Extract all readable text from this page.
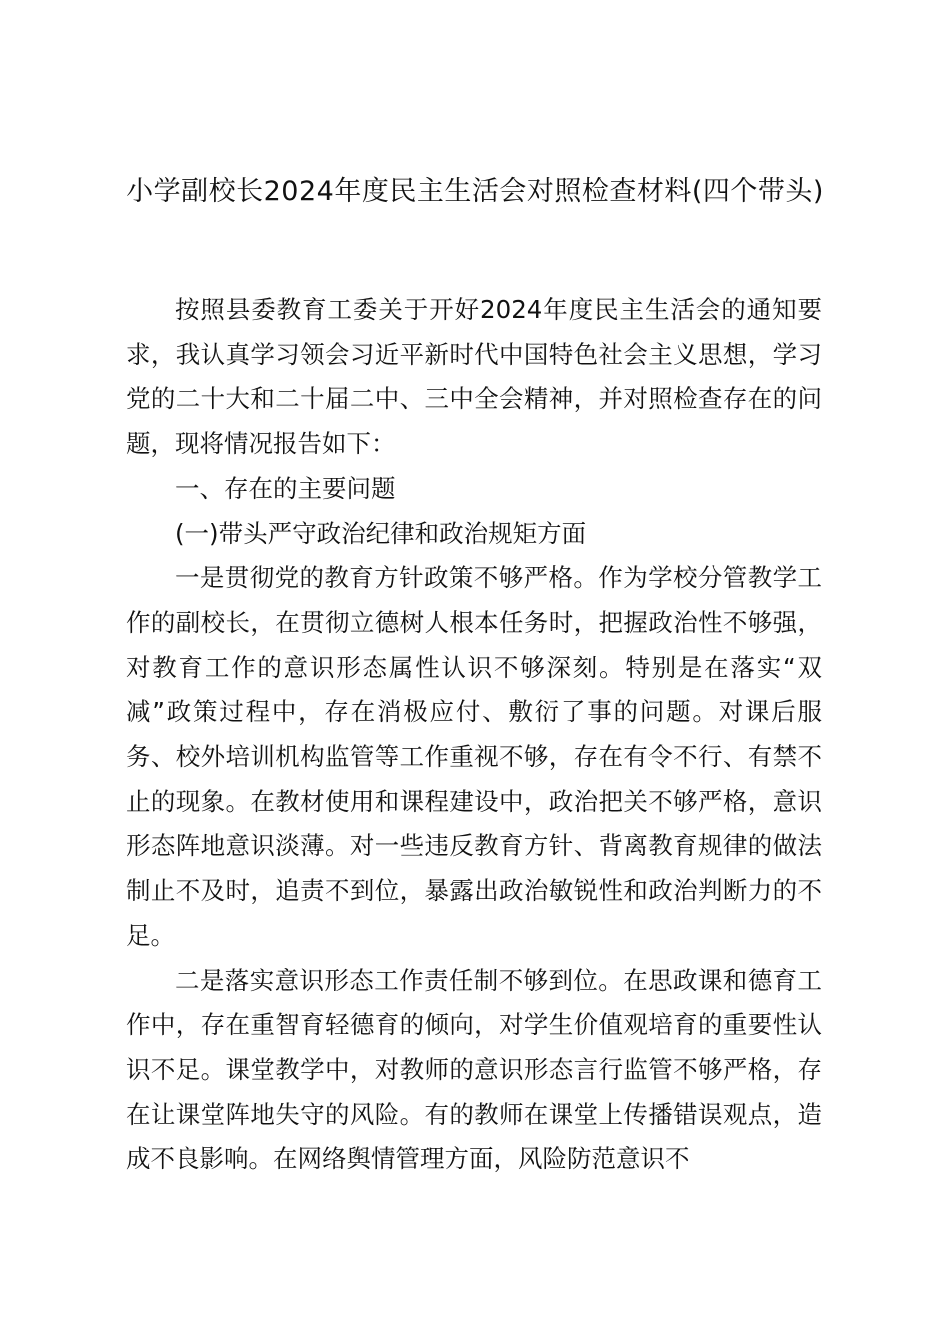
小学副校长2024年度民主生活会对照检查材料(四个带头)

按照县委教育工委关于开好2024年度民主生活会的通知要求，我认真学习领会习近平新时代中国特色社会主义思想，学习党的二十大和二十届二中、三中全会精神，并对照检查存在的问题，现将情况报告如下：

一、存在的主要问题

(一)带头严守政治纪律和政治规矩方面

一是贯彻党的教育方针政策不够严格。作为学校分管教学工作的副校长，在贯彻立德树人根本任务时，把握政治性不够强，对教育工作的意识形态属性认识不够深刻。特别是在落实“双减”政策过程中，存在消极应付、敷衍了事的问题。对课后服务、校外培训机构监管等工作重视不够，存在有令不行、有禁不止的现象。在教材使用和课程建设中，政治把关不够严格，意识形态阵地意识淡薄。对一些违反教育方针、背离教育规律的做法制止不及时，追责不到位，暴露出政治敏锐性和政治判断力的不足。

二是落实意识形态工作责任制不够到位。在思政课和德育工作中，存在重智育轻德育的倾向，对学生价值观培育的重要性认识不足。课堂教学中，对教师的意识形态言行监管不够严格，存在让课堂阵地失守的风险。有的教师在课堂上传播错误观点，造成不良影响。在网络舆情管理方面，风险防范意识不
